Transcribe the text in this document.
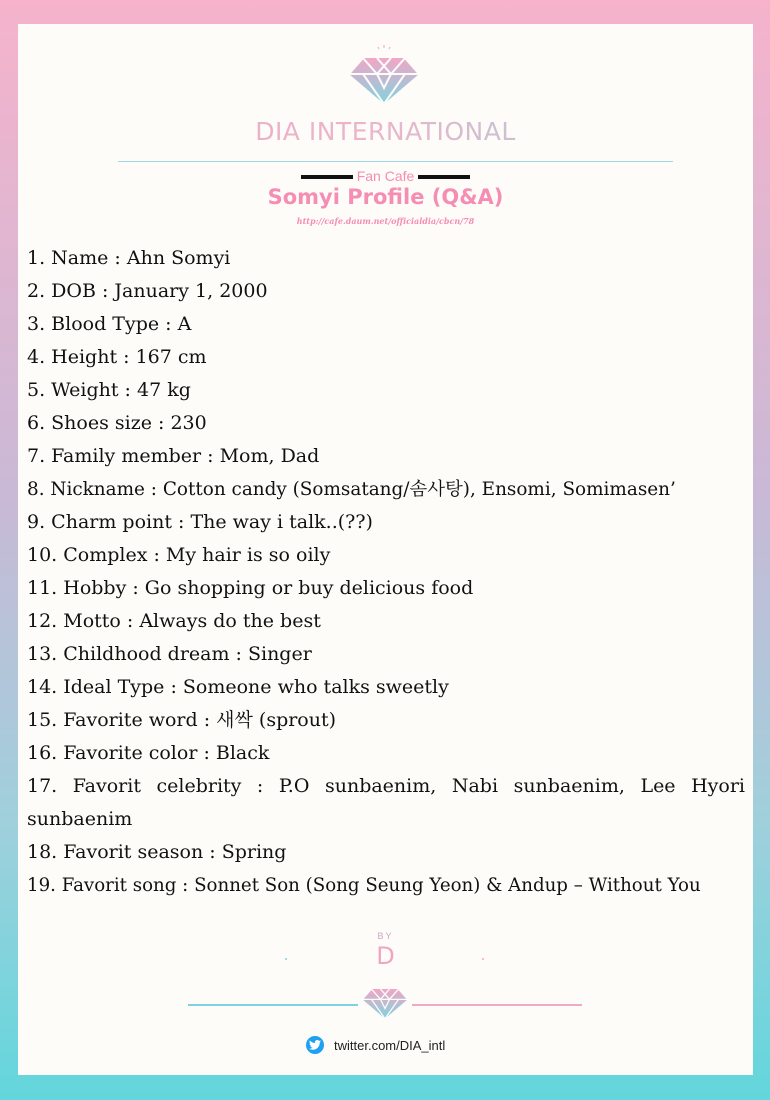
DIA INTERNATIONAL
Fan Cafe
Somyi Profile (Q&A)
http://cafe.daum.net/officialdia/cbcn/78
1. Name : Ahn Somyi
2. DOB : January 1, 2000
3. Blood Type : A
4. Height : 167 cm
5. Weight : 47 kg
6. Shoes size : 230
7. Family member : Mom, Dad
8. Nickname : Cotton candy (Somsatang/솜사탕), Ensomi, Somimasen’
9. Charm point : The way i talk..(??)
10. Complex : My hair is so oily
11. Hobby : Go shopping or buy delicious food
12. Motto : Always do the best
13. Childhood dream : Singer
14. Ideal Type : Someone who talks sweetly
15. Favorite word : 새싹 (sprout)
16. Favorite color : Black
17. Favorit celebrity : P.O sunbaenim, Nabi sunbaenim, Lee Hyori sunbaenim
18. Favorit season : Spring
19. Favorit song : Sonnet Son (Song Seung Yeon) & Andup – Without You
BY
D
twitter.com/DIA_intl
